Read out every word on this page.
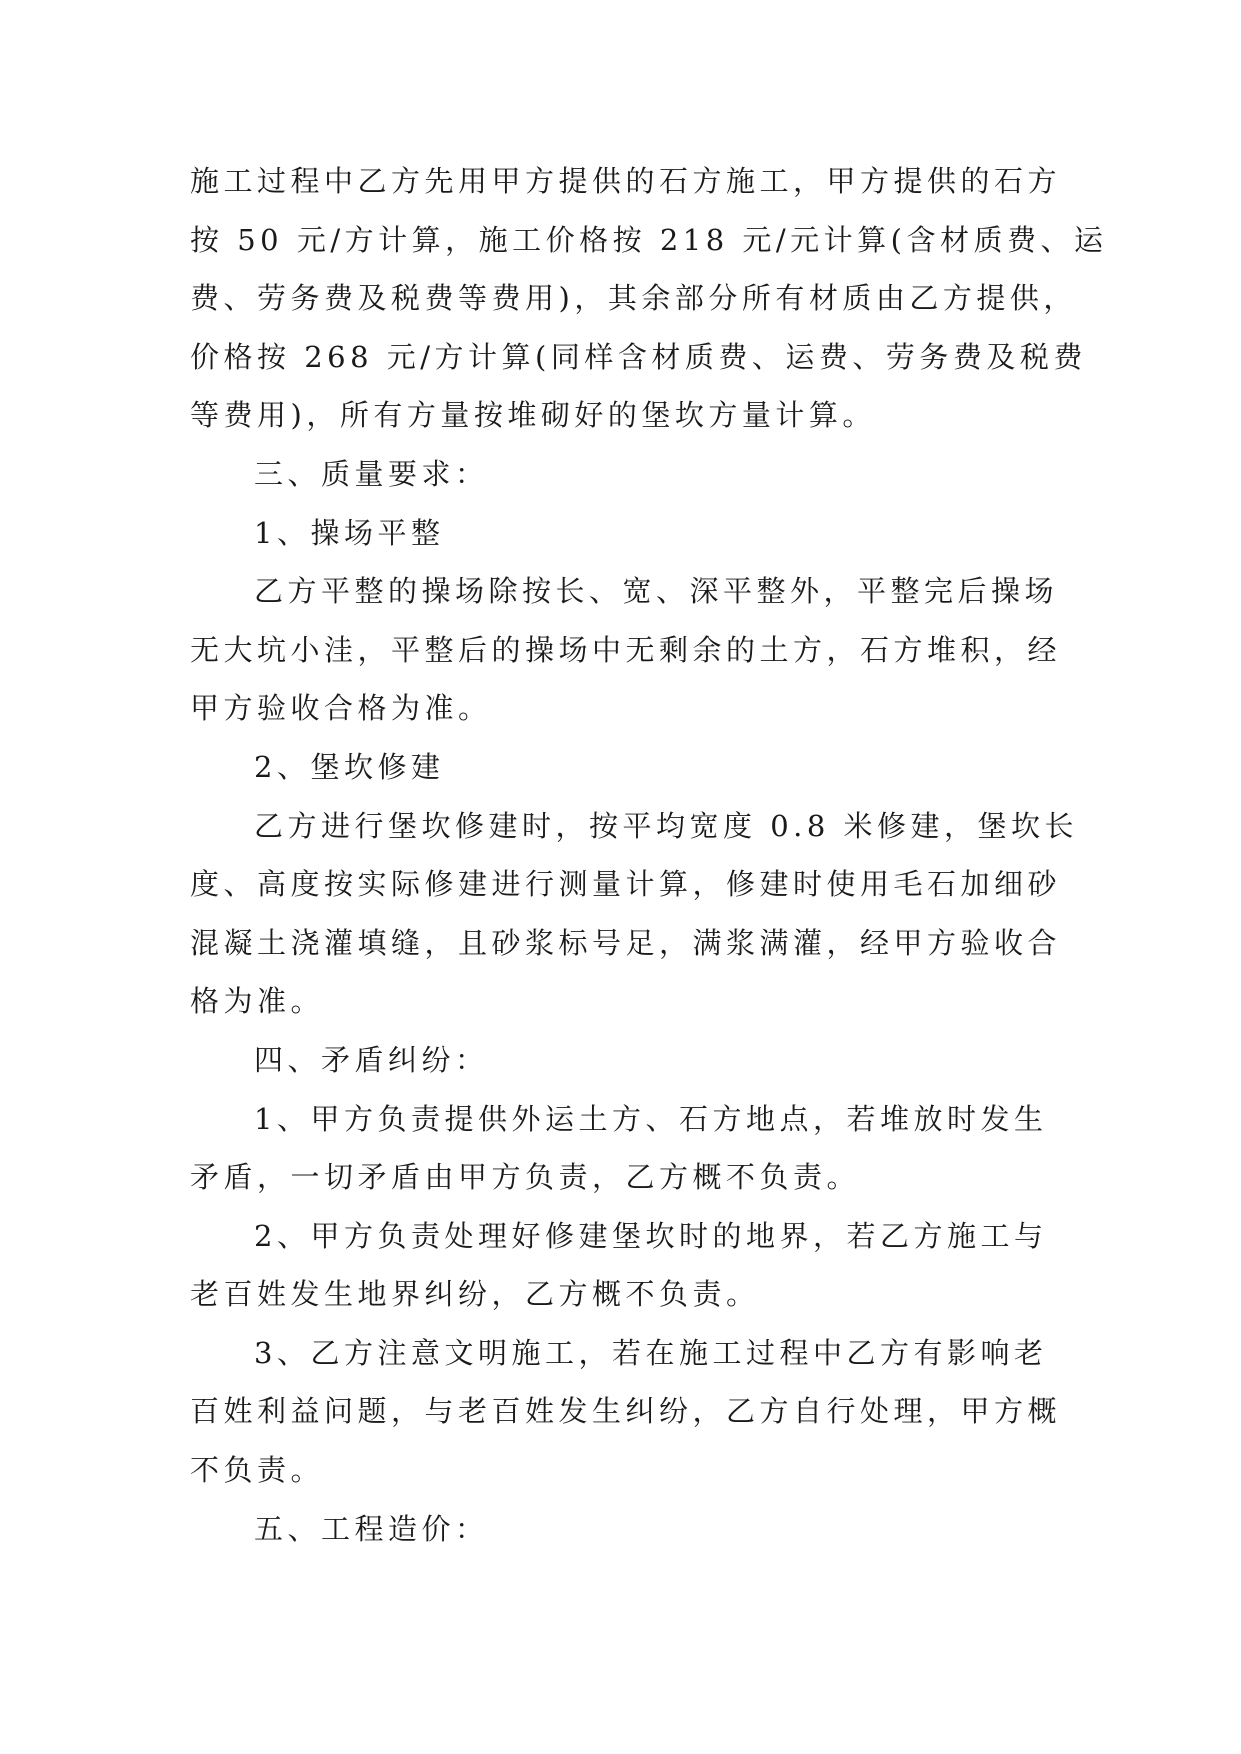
施工过程中乙方先用甲方提供的石方施工，甲方提供的石方
按 50 元/方计算，施工价格按 218 元/元计算(含材质费、运
费、劳务费及税费等费用)，其余部分所有材质由乙方提供，
价格按 268 元/方计算(同样含材质费、运费、劳务费及税费
等费用)，所有方量按堆砌好的堡坎方量计算。
三、质量要求：
1、操场平整
乙方平整的操场除按长、宽、深平整外，平整完后操场
无大坑小洼，平整后的操场中无剩余的土方，石方堆积，经
甲方验收合格为准。
2、堡坎修建
乙方进行堡坎修建时，按平均宽度 0.8 米修建，堡坎长
度、高度按实际修建进行测量计算，修建时使用毛石加细砂
混凝土浇灌填缝，且砂浆标号足，满浆满灌，经甲方验收合
格为准。
四、矛盾纠纷：
1、甲方负责提供外运土方、石方地点，若堆放时发生
矛盾，一切矛盾由甲方负责，乙方概不负责。
2、甲方负责处理好修建堡坎时的地界，若乙方施工与
老百姓发生地界纠纷，乙方概不负责。
3、乙方注意文明施工，若在施工过程中乙方有影响老
百姓利益问题，与老百姓发生纠纷，乙方自行处理，甲方概
不负责。
五、工程造价：
